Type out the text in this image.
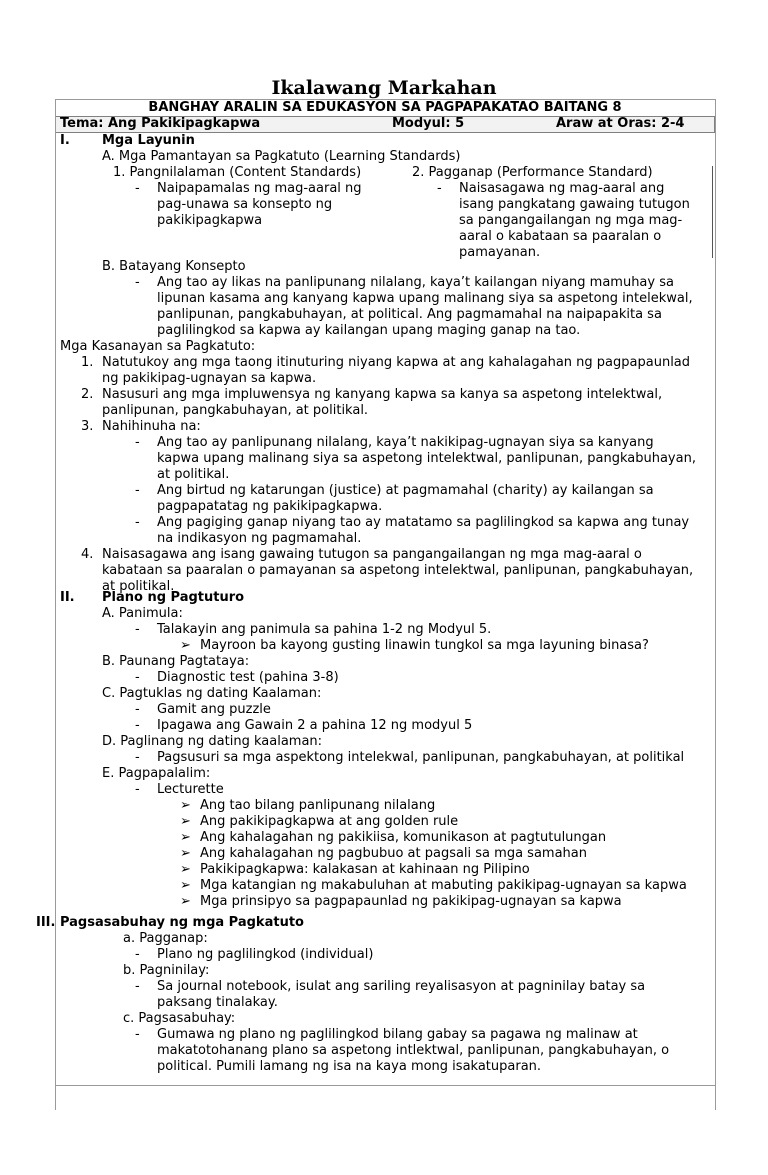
Ikalawang Markahan
BANGHAY ARALIN SA EDUKASYON SA PAGPAPAKATAO BAITANG 8
Tema: Ang Pakikipagkapwa	Modyul: 5	Araw at Oras: 2-4
I. Mga Layunin
A. Mga Pamantayan sa Pagkatuto (Learning Standards)
1. Pangnilalaman (Content Standards)
- Naipapamalas ng mag-aaral ng
pag-unawa sa konsepto ng
pakikipagkapwa
2. Pagganap (Performance Standard)
- Naisasagawa ng mag-aaral ang
isang pangkatang gawaing tutugon
sa pangangailangan ng mga mag-
aaral o kabataan sa paaralan o
pamayanan.
B. Batayang Konsepto
- Ang tao ay likas na panlipunang nilalang, kaya’t kailangan niyang mamuhay sa
lipunan kasama ang kanyang kapwa upang malinang siya sa aspetong intelekwal,
panlipunan, pangkabuhayan, at political. Ang pagmamahal na naipapakita sa
paglilingkod sa kapwa ay kailangan upang maging ganap na tao.
Mga Kasanayan sa Pagkatuto:
1. Natutukoy ang mga taong itinuturing niyang kapwa at ang kahalagahan ng pagpapaunlad
ng pakikipag-ugnayan sa kapwa.
2. Nasusuri ang mga impluwensya ng kanyang kapwa sa kanya sa aspetong intelektwal,
panlipunan, pangkabuhayan, at politikal.
3. Nahihinuha na:
- Ang tao ay panlipunang nilalang, kaya’t nakikipag-ugnayan siya sa kanyang
kapwa upang malinang siya sa aspetong intelektwal, panlipunan, pangkabuhayan,
at politikal.
- Ang birtud ng katarungan (justice) at pagmamahal (charity) ay kailangan sa
pagpapatatag ng pakikipagkapwa.
- Ang pagiging ganap niyang tao ay matatamo sa paglilingkod sa kapwa ang tunay
na indikasyon ng pagmamahal.
4. Naisasagawa ang isang gawaing tutugon sa pangangailangan ng mga mag-aaral o
kabataan sa paaralan o pamayanan sa aspetong intelektwal, panlipunan, pangkabuhayan,
at politikal.
II. Plano ng Pagtuturo
A. Panimula:
- Talakayin ang panimula sa pahina 1-2 ng Modyul 5.
➢ Mayroon ba kayong gusting linawin tungkol sa mga layuning binasa?
B. Paunang Pagtataya:
- Diagnostic test (pahina 3-8)
C. Pagtuklas ng dating Kaalaman:
- Gamit ang puzzle
- Ipagawa ang Gawain 2 a pahina 12 ng modyul 5
D. Paglinang ng dating kaalaman:
- Pagsusuri sa mga aspektong intelekwal, panlipunan, pangkabuhayan, at politikal
E. Pagpapalalim:
- Lecturette
➢ Ang tao bilang panlipunang nilalang
➢ Ang pakikipagkapwa at ang golden rule
➢ Ang kahalagahan ng pakikiisa, komunikason at pagtutulungan
➢ Ang kahalagahan ng pagbubuo at pagsali sa mga samahan
➢ Pakikipagkapwa: kalakasan at kahinaan ng Pilipino
➢ Mga katangian ng makabuluhan at mabuting pakikipag-ugnayan sa kapwa
➢ Mga prinsipyo sa pagpapaunlad ng pakikipag-ugnayan sa kapwa
III. Pagsasabuhay ng mga Pagkatuto
a. Pagganap:
- Plano ng paglilingkod (individual)
b. Pagninilay:
- Sa journal notebook, isulat ang sariling reyalisasyon at pagninilay batay sa
paksang tinalakay.
c. Pagsasabuhay:
- Gumawa ng plano ng paglilingkod bilang gabay sa pagawa ng malinaw at
makatotohanang plano sa aspetong intlektwal, panlipunan, pangkabuhayan, o
political. Pumili lamang ng isa na kaya mong isakatuparan.
